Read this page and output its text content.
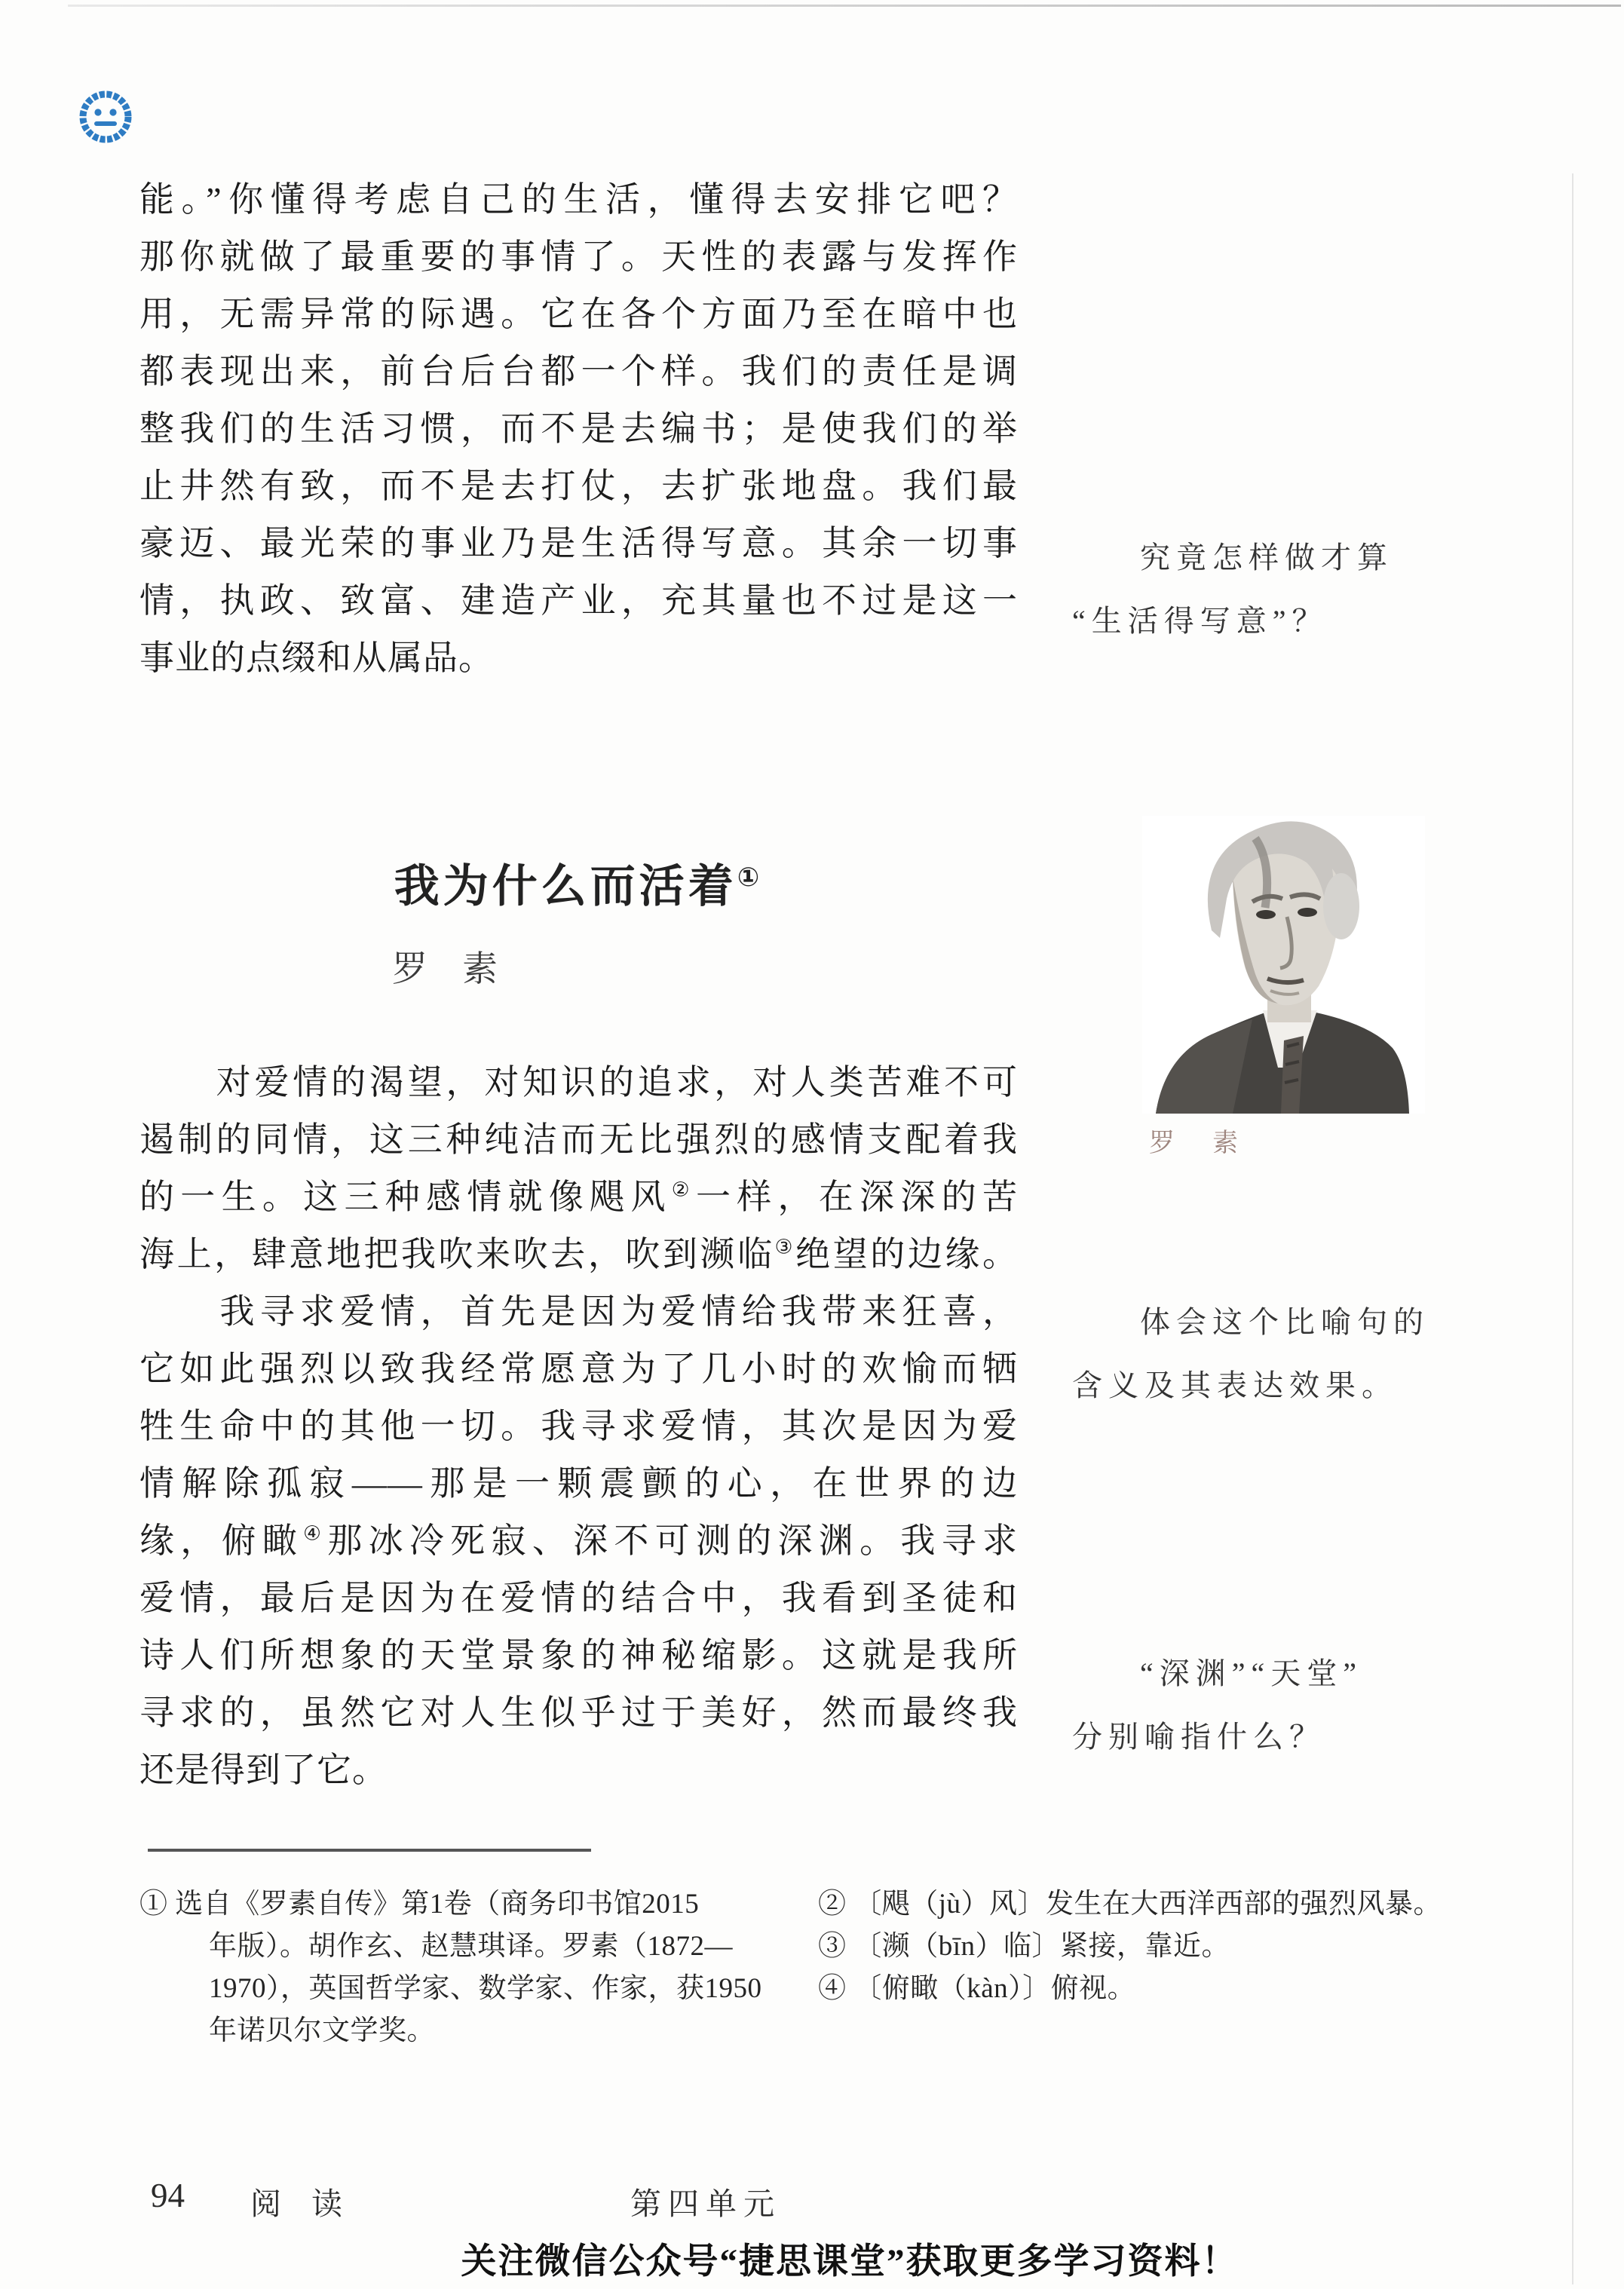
能。”你懂得考虑自己的生活，懂得去安排它吧？
那你就做了最重要的事情了。天性的表露与发挥作
用，无需异常的际遇。它在各个方面乃至在暗中也
都表现出来，前台后台都一个样。我们的责任是调
整我们的生活习惯，而不是去编书；是使我们的举
止井然有致，而不是去打仗，去扩张地盘。我们最
豪迈、最光荣的事业乃是生活得写意。其余一切事
情，执政、致富、建造产业，充其量也不过是这一
事业的点缀和从属品。
究竟怎样做才算
“生活得写意”？
我为什么而活着①
罗素
罗素
　　对爱情的渴望，对知识的追求，对人类苦难不可
遏制的同情，这三种纯洁而无比强烈的感情支配着我
的一生。这三种感情就像飓风②一样，在深深的苦
海上，肆意地把我吹来吹去，吹到濒临③绝望的边缘。
体会这个比喻句的
含义及其表达效果。
　　我寻求爱情，首先是因为爱情给我带来狂喜，
它如此强烈以致我经常愿意为了几小时的欢愉而牺
牲生命中的其他一切。我寻求爱情，其次是因为爱
情解除孤寂——那是一颗震颤的心，在世界的边
缘，俯瞰④那冰冷死寂、深不可测的深渊。我寻求
爱情，最后是因为在爱情的结合中，我看到圣徒和
诗人们所想象的天堂景象的神秘缩影。这就是我所
寻求的，虽然它对人生似乎过于美好，然而最终我
还是得到了它。
“深渊”“天堂”
分别喻指什么？
① 选自《罗素自传》第1卷（商务印书馆2015
年版）。胡作玄、赵慧琪译。罗素（1872—
1970），英国哲学家、数学家、作家，获1950
年诺贝尔文学奖。
② 〔飓（jù）风〕发生在大西洋西部的强烈风暴。
③ 〔濒（bīn）临〕紧接，靠近。
④ 〔俯瞰（kàn）〕俯视。
94 阅读	第四单元
关注微信公众号“捷思课堂”获取更多学习资料！
